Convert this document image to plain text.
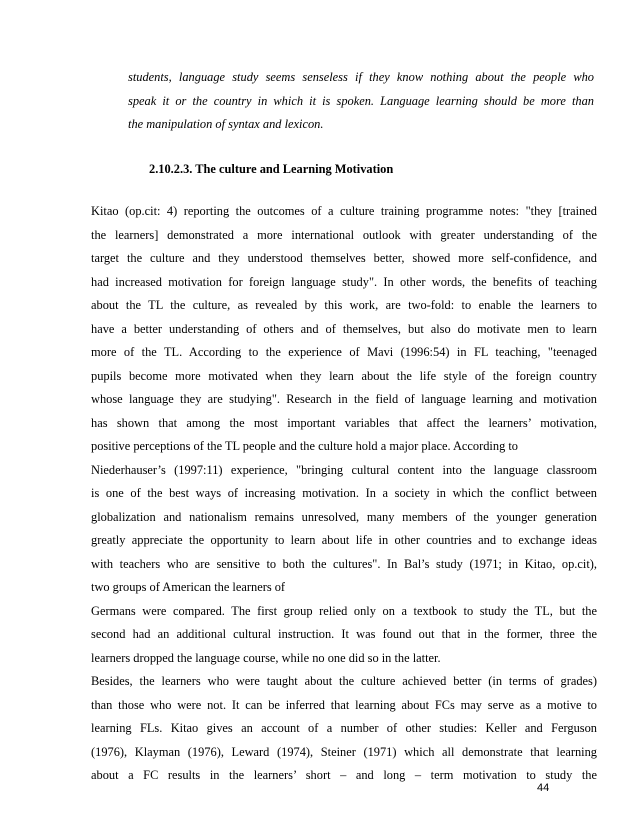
students, language study seems senseless if they know nothing about the people who
speak it or the country in which it is spoken. Language learning should be more than
the manipulation of syntax and lexicon.
2.10.2.3. The culture and Learning Motivation
Kitao (op.cit: 4) reporting the outcomes of a culture training programme notes: "they [trained
the learners] demonstrated a more international outlook with greater understanding of the
target the culture and they understood themselves better, showed more self-confidence, and
had increased motivation for foreign language study". In other words, the benefits of teaching
about the TL the culture, as revealed by this work, are two-fold: to enable the learners to
have a better understanding of others and of themselves, but also do motivate men to learn
more of the TL. According to the experience of Mavi (1996:54) in FL teaching, "teenaged
pupils become more motivated when they learn about the life style of the foreign country
whose language they are studying". Research in the field of language learning and motivation
has shown that among the most important variables that affect the learners’ motivation,
positive perceptions of the TL people and the culture hold a major place. According to
Niederhauser’s (1997:11) experience, "bringing cultural content into the language classroom
is one of the best ways of increasing motivation. In a society in which the conflict between
globalization and nationalism remains unresolved, many members of the younger generation
greatly appreciate the opportunity to learn about life in other countries and to exchange ideas
with teachers who are sensitive to both the cultures". In Bal’s study (1971; in Kitao, op.cit),
two groups of American the learners of
Germans were compared. The first group relied only on a textbook to study the TL, but the
second had an additional cultural instruction. It was found out that in the former, three the
learners dropped the language course, while no one did so in the latter.
Besides, the learners who were taught about the culture achieved better (in terms of grades)
than those who were not. It can be inferred that learning about FCs may serve as a motive to
learning FLs. Kitao gives an account of a number of other studies: Keller and Ferguson
(1976), Klayman (1976), Leward (1974), Steiner (1971) which all demonstrate that learning
about a FC results in the learners’ short – and long – term motivation to study the
44
